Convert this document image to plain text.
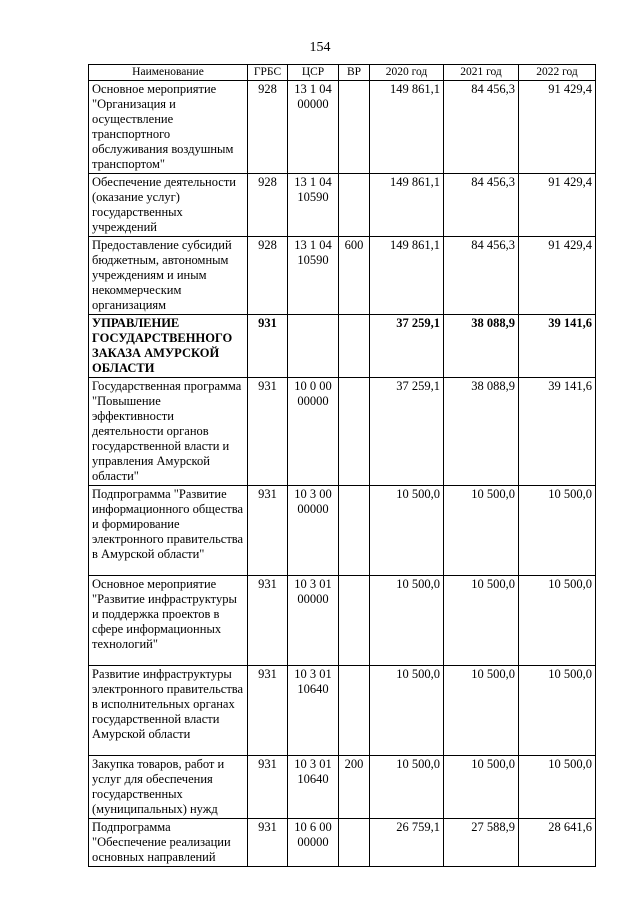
154
Наименование	ГРБС	ЦСР	ВР	2020 год	2021 год	2022 год
Основное мероприятие "Организация и осуществление транспортного обслуживания воздушным транспортом"	928	13 1 04 00000		149 861,1	84 456,3	91 429,4
Обеспечение деятельности (оказание услуг) государственных учреждений	928	13 1 04 10590		149 861,1	84 456,3	91 429,4
Предоставление субсидий бюджетным, автономным учреждениям и иным некоммерческим организациям	928	13 1 04 10590	600	149 861,1	84 456,3	91 429,4
УПРАВЛЕНИЕ ГОСУДАРСТВЕННОГО ЗАКАЗА АМУРСКОЙ ОБЛАСТИ	931			37 259,1	38 088,9	39 141,6
Государственная программа "Повышение эффективности деятельности органов государственной власти и управления Амурской области"	931	10 0 00 00000		37 259,1	38 088,9	39 141,6
Подпрограмма "Развитие информационного общества и формирование электронного правительства в Амурской области"	931	10 3 00 00000		10 500,0	10 500,0	10 500,0
Основное мероприятие "Развитие инфраструктуры и поддержка проектов в сфере информационных технологий"	931	10 3 01 00000		10 500,0	10 500,0	10 500,0
Развитие инфраструктуры электронного правительства в исполнительных органах государственной власти Амурской области	931	10 3 01 10640		10 500,0	10 500,0	10 500,0
Закупка товаров, работ и услуг для обеспечения государственных (муниципальных) нужд	931	10 3 01 10640	200	10 500,0	10 500,0	10 500,0
Подпрограмма "Обеспечение реализации основных направлений	931	10 6 00 00000		26 759,1	27 588,9	28 641,6
